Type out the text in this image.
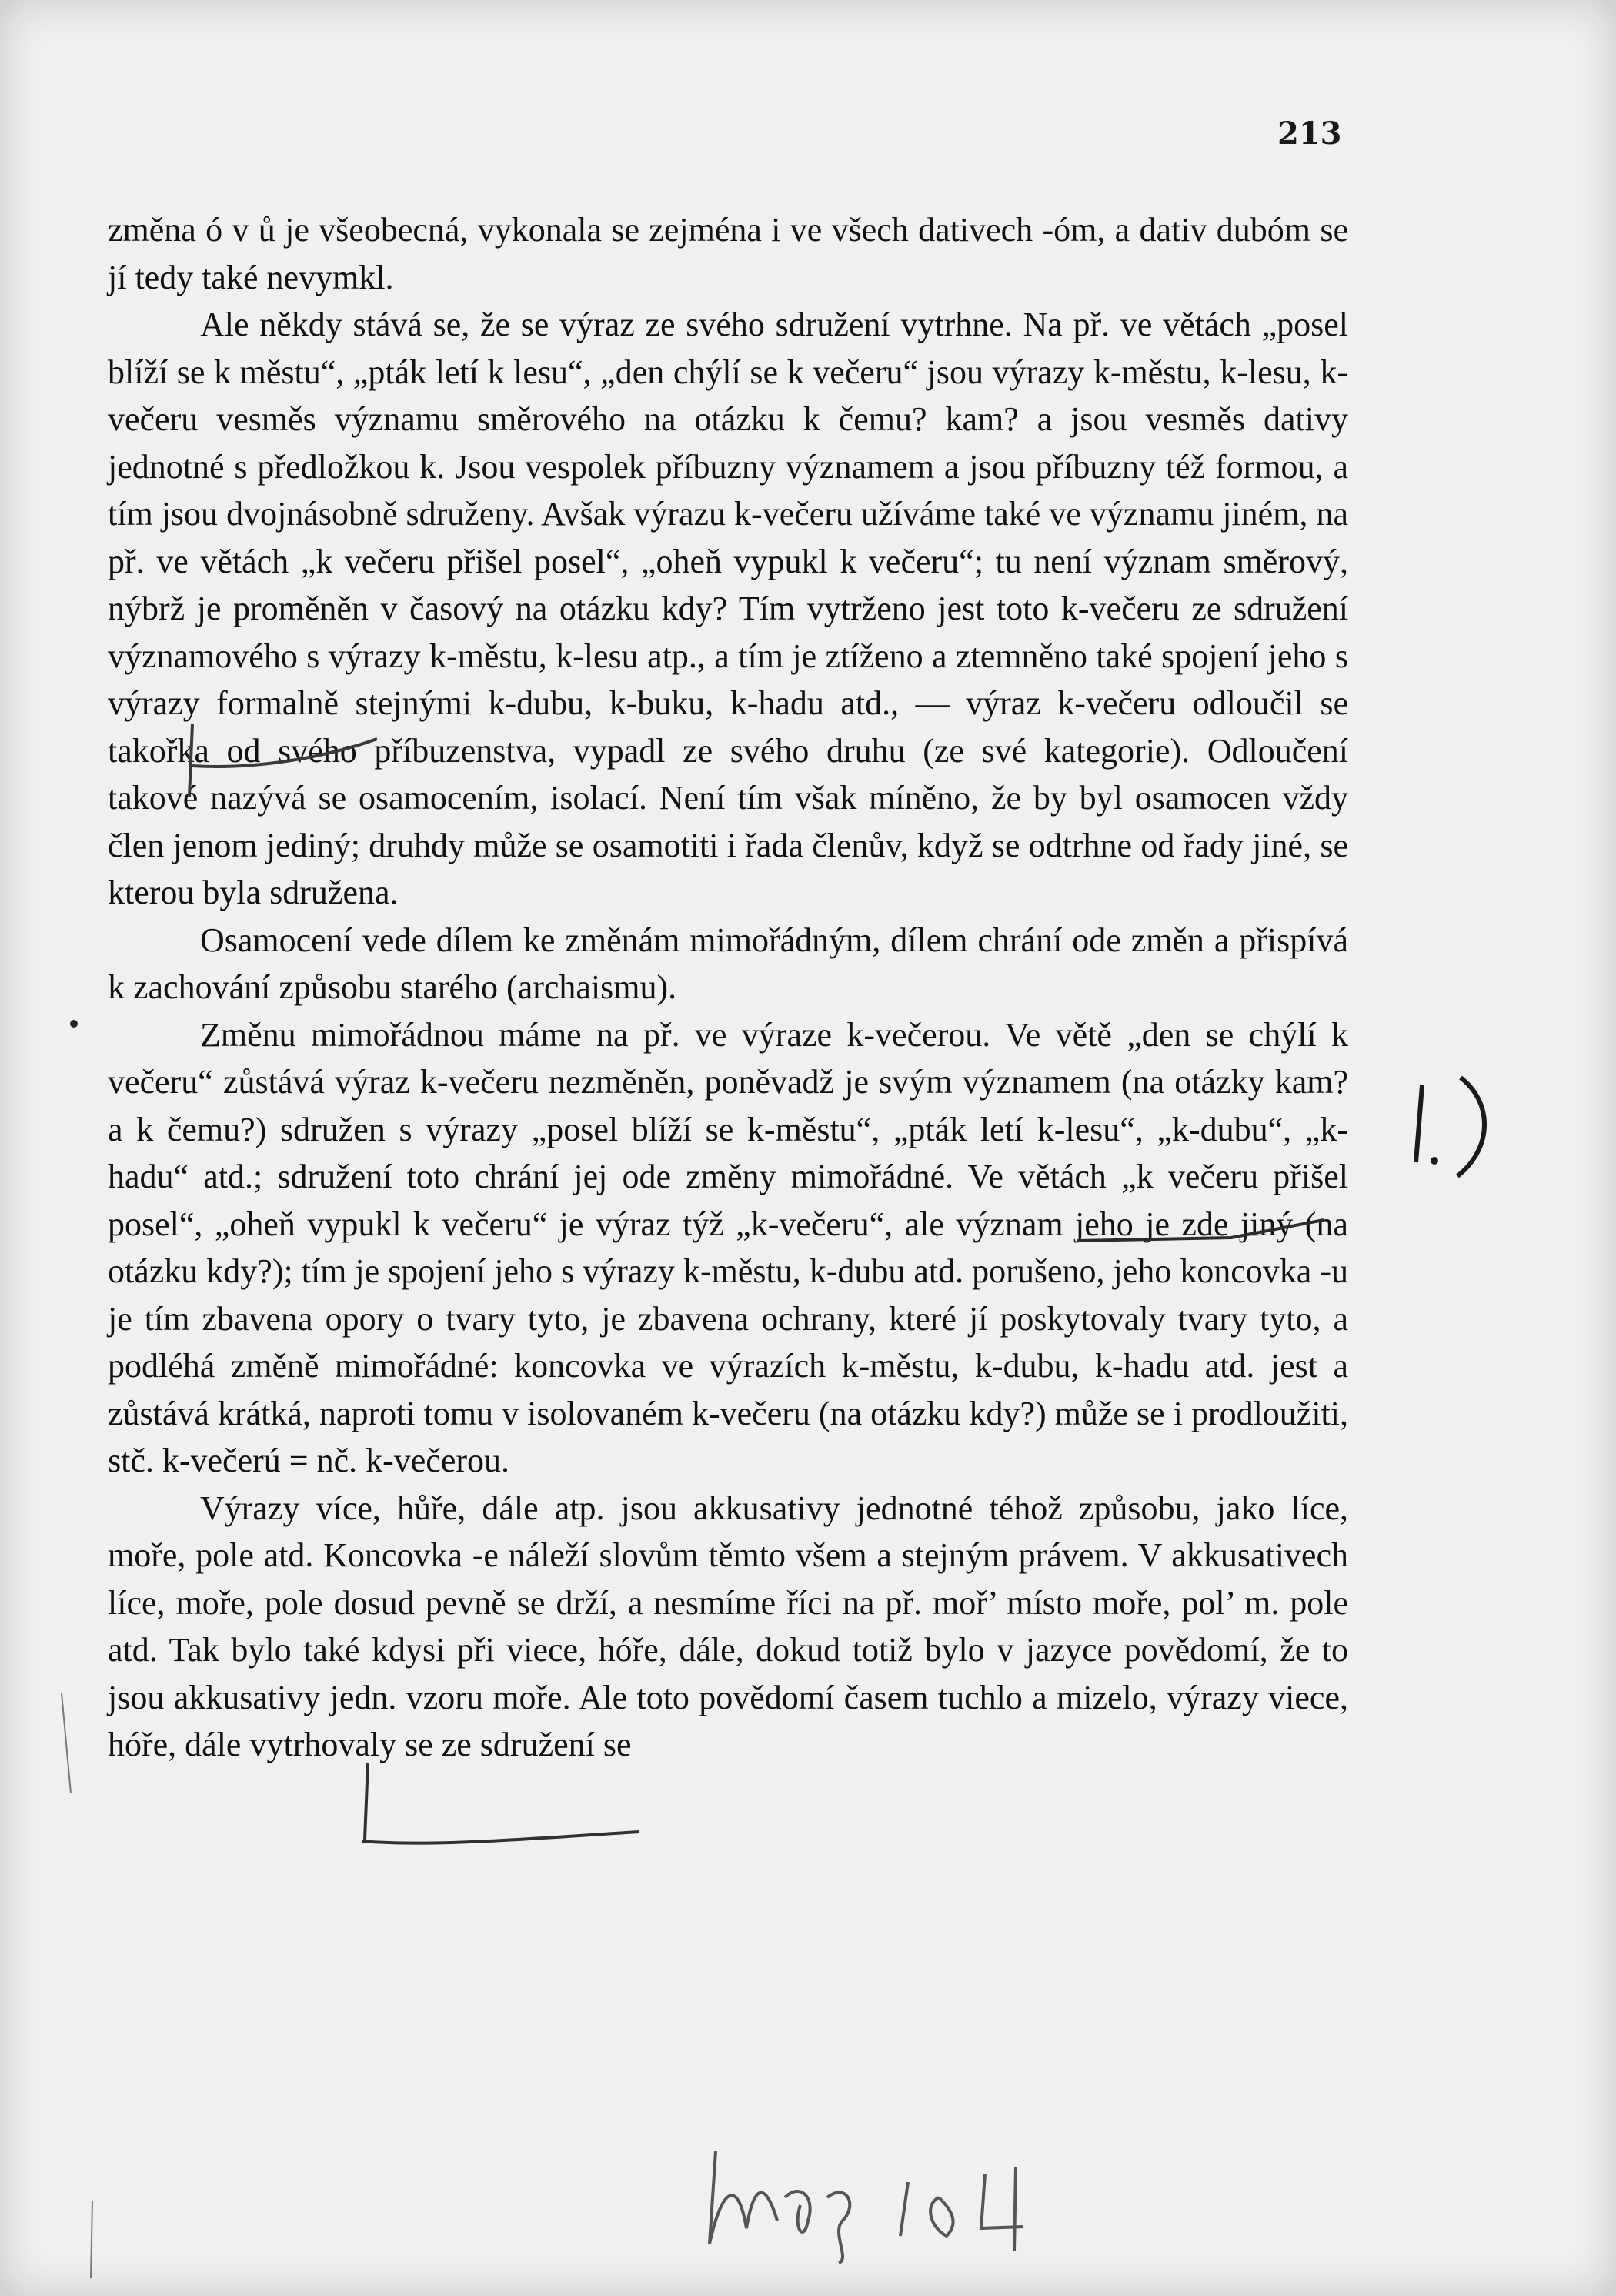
213

změna ó v ů je všeobecná, vykonala se zejména i ve všech dativech -óm, a dativ dubóm se jí tedy také nevymkl.

Ale někdy stává se, že se výraz ze svého sdružení vytrhne. Na př. ve větách „posel blíží se k městu“, „pták letí k lesu“, „den chýlí se k večeru“ jsou výrazy k-městu, k-lesu, k-večeru vesměs významu směrového na otázku k čemu? kam? a jsou vesměs dativy jednotné s předložkou k. Jsou vespolek příbuzny významem a jsou příbuzny též formou, a tím jsou dvojnásobně sdruženy. Avšak výrazu k-večeru užíváme také ve významu jiném, na př. ve větách „k večeru přišel posel“, „oheň vypukl k večeru“; tu není význam směrový, nýbrž je proměněn v časový na otázku kdy? Tím vytrženo jest toto k-večeru ze sdružení významového s výrazy k-městu, k-lesu atp., a tím je ztíženo a ztemněno také spojení jeho s výrazy formalně stejnými k-dubu, k-buku, k-hadu atd., — výraz k-večeru odloučil se takořka od svého příbuzenstva, vypadl ze svého druhu (ze své kategorie). Odloučení takové nazývá se osamocením, isolací. Není tím však míněno, že by byl osamocen vždy člen jenom jediný; druhdy může se osamotiti i řada členův, když se odtrhne od řady jiné, se kterou byla sdružena.

Osamocení vede dílem ke změnám mimořádným, dílem chrání ode změn a přispívá k zachování způsobu starého (archaismu).

Změnu mimořádnou máme na př. ve výraze k-večerou. Ve větě „den se chýlí k večeru“ zůstává výraz k-večeru nezměněn, poněvadž je svým významem (na otázky kam? a k čemu?) sdružen s výrazy „posel blíží se k-městu“, „pták letí k-lesu“, „k-dubu“, „k-hadu“ atd.; sdružení toto chrání jej ode změny mimořádné. Ve větách „k večeru přišel posel“, „oheň vypukl k večeru“ je výraz týž „k-večeru“, ale význam jeho je zde jiný (na otázku kdy?); tím je spojení jeho s výrazy k-městu, k-dubu atd. porušeno, jeho koncovka -u je tím zbavena opory o tvary tyto, je zbavena ochrany, které jí poskytovaly tvary tyto, a podléhá změně mimořádné: koncovka ve výrazích k-městu, k-dubu, k-hadu atd. jest a zůstává krátká, naproti tomu v isolovaném k-večeru (na otázku kdy?) může se i prodloužiti, stč. k-večerú = nč. k-večerou.

Výrazy více, hůře, dále atp. jsou akkusativy jednotné téhož způsobu, jako líce, moře, pole atd. Koncovka -e náleží slovům těmto všem a stejným právem. V akkusativech líce, moře, pole dosud pevně se drží, a nesmíme říci na př. moř’ místo moře, pol’ m. pole atd. Tak bylo také kdysi při viece, hóře, dále, dokud totiž bylo v jazyce povědomí, že to jsou akkusativy jedn. vzoru moře. Ale toto povědomí časem tuchlo a mizelo, výrazy viece, hóře, dále vytrhovaly se ze sdružení se
